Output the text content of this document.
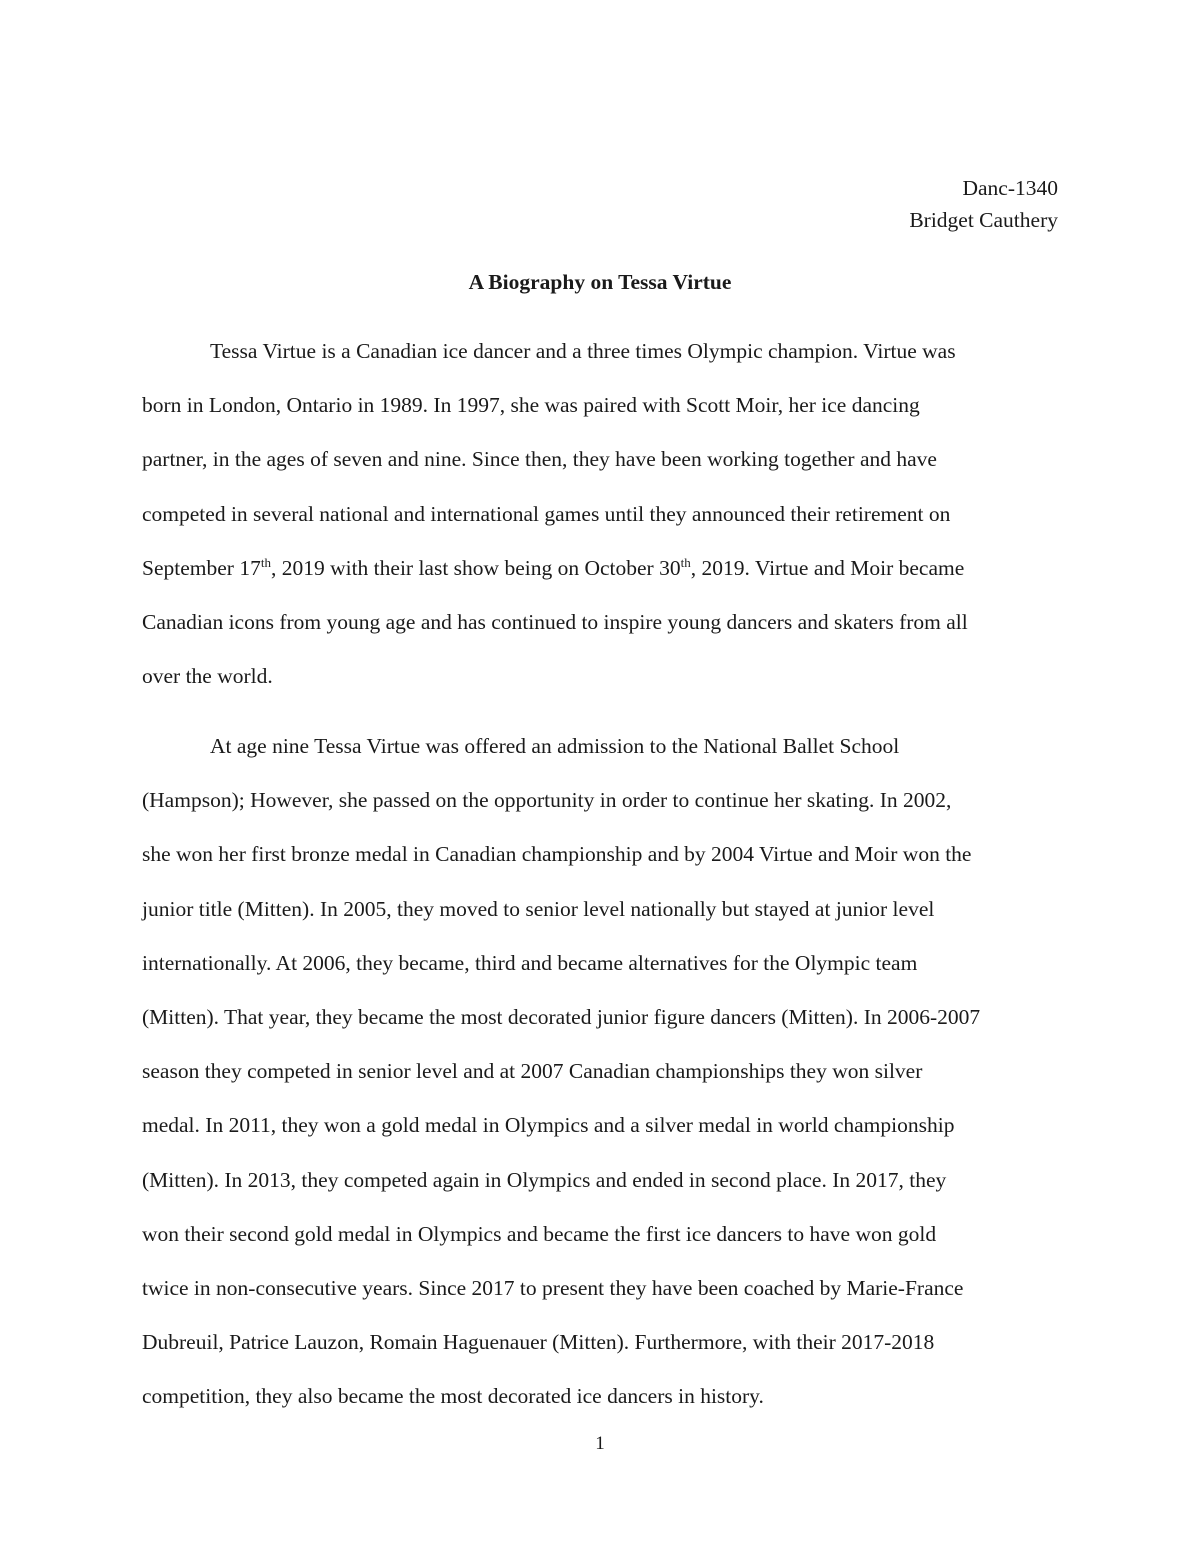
Danc-1340
Bridget Cauthery
A Biography on Tessa Virtue
Tessa Virtue is a Canadian ice dancer and a three times Olympic champion. Virtue was
born in London, Ontario in 1989. In 1997, she was paired with Scott Moir, her ice dancing
partner, in the ages of seven and nine. Since then, they have been working together and have
competed in several national and international games until they announced their retirement on
September 17th, 2019 with their last show being on October 30th, 2019. Virtue and Moir became
Canadian icons from young age and has continued to inspire young dancers and skaters from all
over the world.
At age nine Tessa Virtue was offered an admission to the National Ballet School
(Hampson); However, she passed on the opportunity in order to continue her skating. In 2002,
she won her first bronze medal in Canadian championship and by 2004 Virtue and Moir won the
junior title (Mitten). In 2005, they moved to senior level nationally but stayed at junior level
internationally. At 2006, they became, third and became alternatives for the Olympic team
(Mitten). That year, they became the most decorated junior figure dancers (Mitten). In 2006-2007
season they competed in senior level and at 2007 Canadian championships they won silver
medal. In 2011, they won a gold medal in Olympics and a silver medal in world championship
(Mitten). In 2013, they competed again in Olympics and ended in second place. In 2017, they
won their second gold medal in Olympics and became the first ice dancers to have won gold
twice in non-consecutive years. Since 2017 to present they have been coached by Marie-France
Dubreuil, Patrice Lauzon, Romain Haguenauer (Mitten). Furthermore, with their 2017-2018
competition, they also became the most decorated ice dancers in history.
1
